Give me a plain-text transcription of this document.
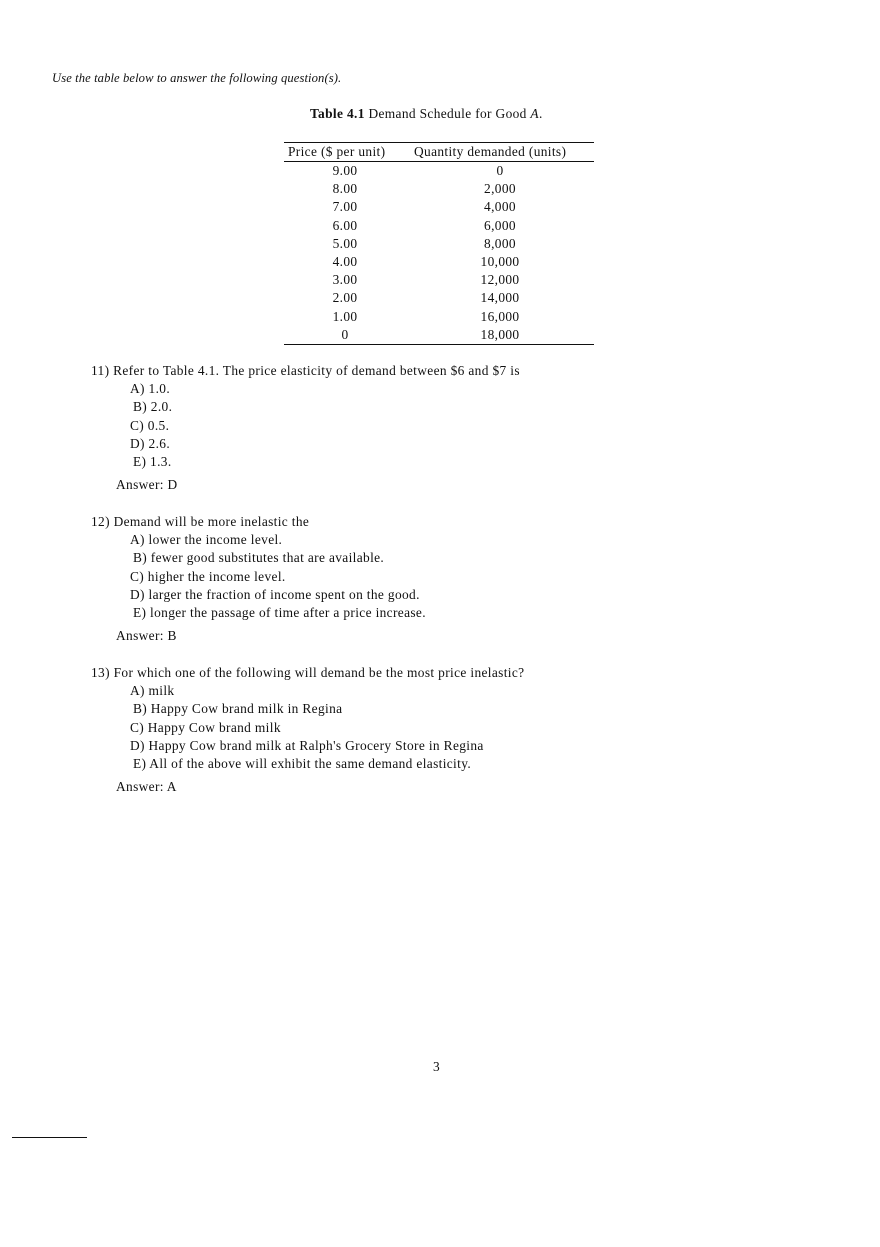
Use the table below to answer the following question(s).
Table 4.1 Demand Schedule for Good A.
Price ($ per unit)	Quantity demanded (units)
9.00	0
8.00	2,000
7.00	4,000
6.00	6,000
5.00	8,000
4.00	10,000
3.00	12,000
2.00	14,000
1.00	16,000
0	18,000
11) Refer to Table 4.1. The price elasticity of demand between $6 and $7 is
A) 1.0.
B) 2.0.
C) 0.5.
D) 2.6.
E) 1.3.
Answer: D
12) Demand will be more inelastic the
A) lower the income level.
B) fewer good substitutes that are available.
C) higher the income level.
D) larger the fraction of income spent on the good.
E) longer the passage of time after a price increase.
Answer: B
13) For which one of the following will demand be the most price inelastic?
A) milk
B) Happy Cow brand milk in Regina
C) Happy Cow brand milk
D) Happy Cow brand milk at Ralph's Grocery Store in Regina
E) All of the above will exhibit the same demand elasticity.
Answer: A
3
